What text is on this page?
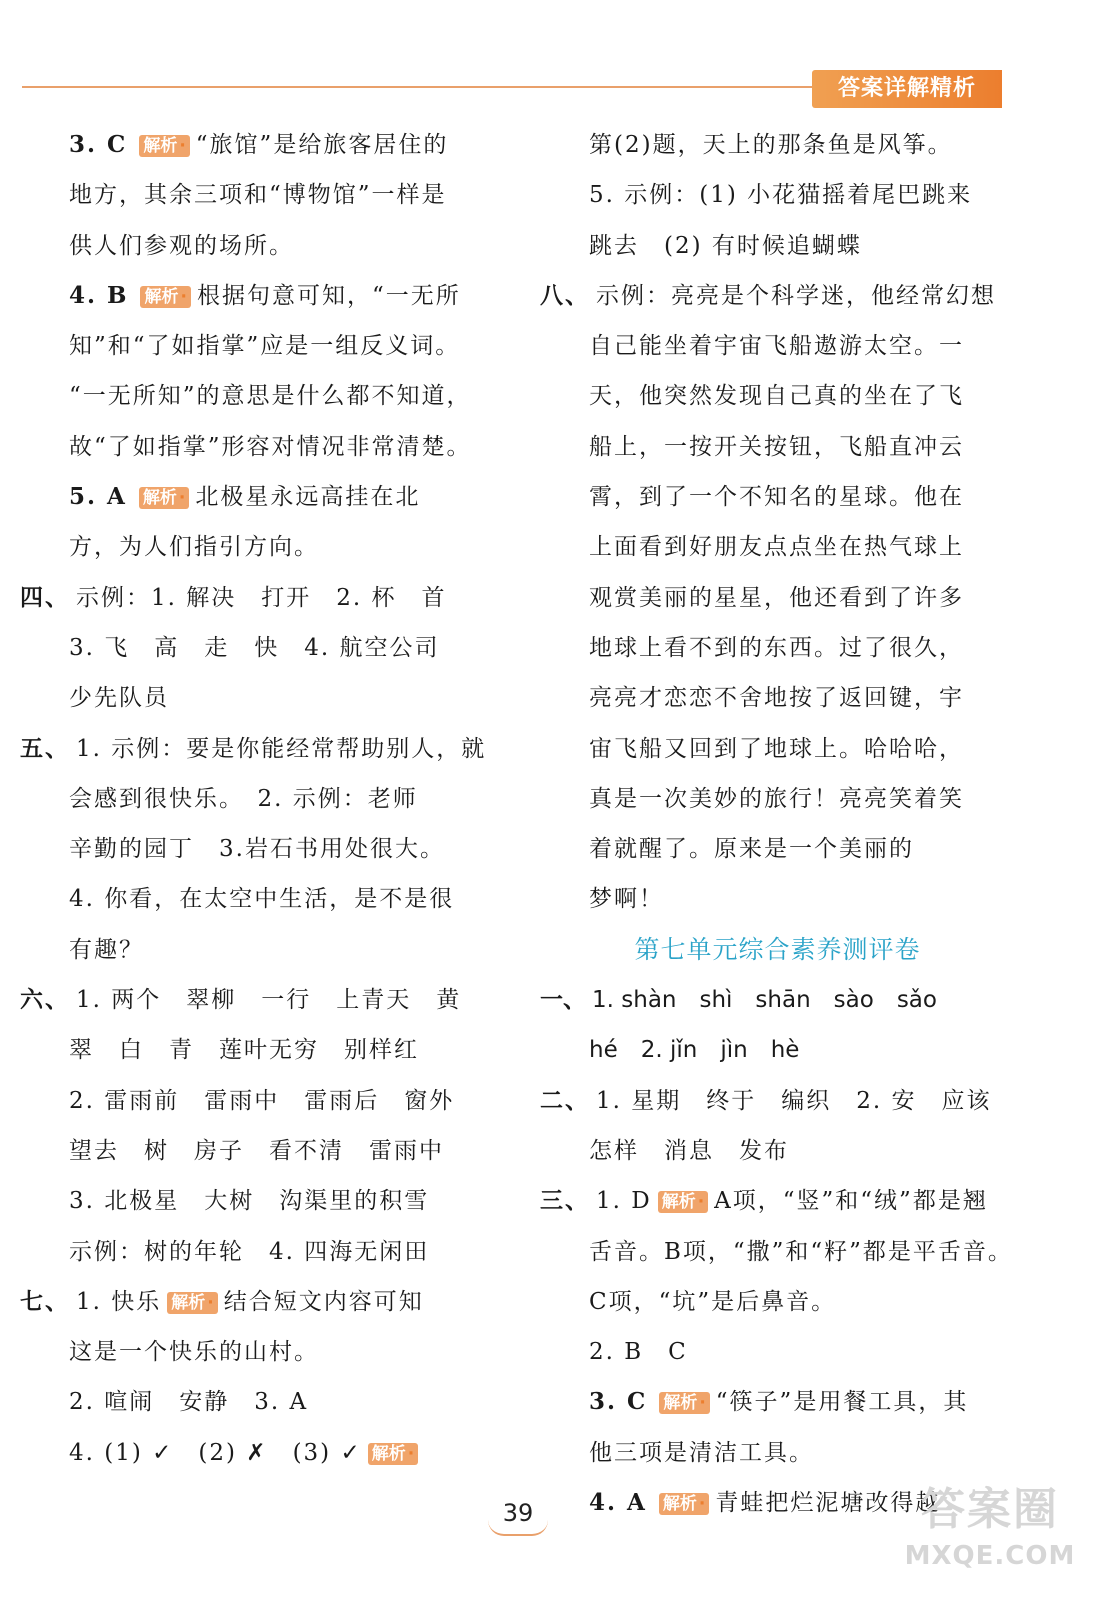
答案详解精析
3. C 解析 · “旅馆”是给旅客居住的
地方，其余三项和“博物馆”一样是
供人们参观的场所。
4. B 解析 · 根据句意可知，“一无所
知”和“了如指掌”应是一组反义词。
“一无所知”的意思是什么都不知道，
故“了如指掌”形容对情况非常清楚。
5. A 解析 · 北极星永远高挂在北
方，为人们指引方向。
四、 示例：1. 解决　打开　2. 杯　首
3. 飞　高　走　快　4. 航空公司
少先队员
五、 1. 示例：要是你能经常帮助别人，就
会感到很快乐。　2. 示例：老师
辛勤的园丁　3.岩石书用处很大。
4. 你看，在太空中生活，是不是很
有趣？
六、 1. 两个　翠柳　一行　上青天　黄
翠　白　青　莲叶无穷　别样红
2. 雷雨前　雷雨中　雷雨后　窗外
望去　树　房子　看不清　雷雨中
3. 北极星　大树　沟渠里的积雪
示例：树的年轮　4. 四海无闲田
七、 1. 快乐 解析 · 结合短文内容可知
这是一个快乐的山村。
2. 喧闹　安静　3. A
4. (1) ✓　(2) ✗　(3) ✓ 解析 ·
第(2)题，天上的那条鱼是风筝。
5. 示例：(1) 小花猫摇着尾巴跳来
跳去　(2) 有时候追蝴蝶
八、 示例：亮亮是个科学迷，他经常幻想
自己能坐着宇宙飞船遨游太空。一
天，他突然发现自己真的坐在了飞
船上，一按开关按钮，飞船直冲云
霄，到了一个不知名的星球。他在
上面看到好朋友点点坐在热气球上
观赏美丽的星星，他还看到了许多
地球上看不到的东西。过了很久，
亮亮才恋恋不舍地按了返回键，宇
宙飞船又回到了地球上。哈哈哈，
真是一次美妙的旅行！亮亮笑着笑
着就醒了。原来是一个美丽的
梦啊！
第七单元综合素养测评卷
一、 1. shàn　shì　shān　sào　sǎo
hé　2. jǐn　jìn　hè
二、 1. 星期　终于　编织　2. 安　应该
怎样　消息　发布
三、 1. D 解析 · A项，“竖”和“绒”都是翘
舌音。B项，“撒”和“籽”都是平舌音。
C项，“坑”是后鼻音。
2. B　C
3. C 解析 · “筷子”是用餐工具，其
他三项是清洁工具。
4. A 解析 · 青蛙把烂泥塘改得越
39	答案圈
MXQE.COM
